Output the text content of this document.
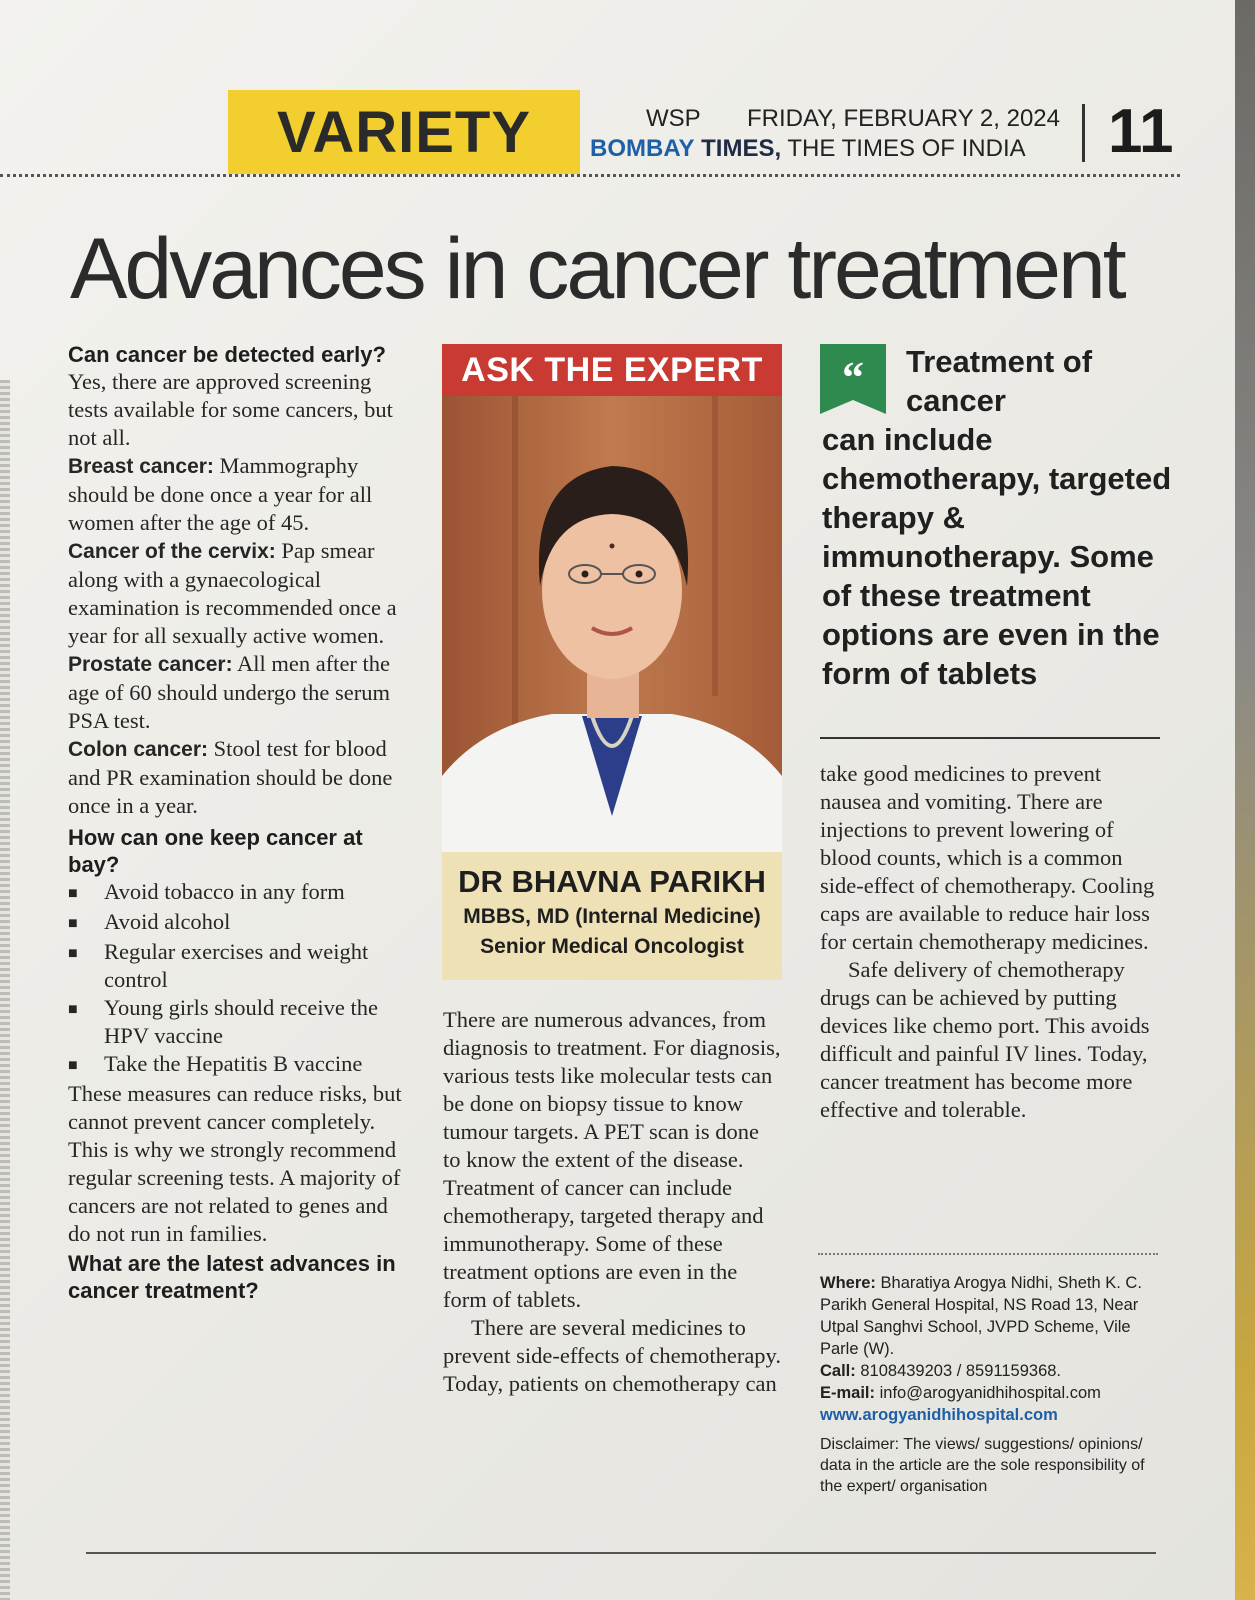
VARIETY	WSP FRIDAY, FEBRUARY 2, 2024
BOMBAY TIMES, THE TIMES OF INDIA	11
Advances in cancer treatment

Can cancer be detected early?

Yes, there are approved screening tests available for some cancers, but not all.

Breast cancer: Mammography should be done once a year for all women after the age of 45.

Cancer of the cervix: Pap smear along with a gynaecological examination is recommended once a year for all sexually active women.

Prostate cancer: All men after the age of 60 should undergo the serum PSA test.

Colon cancer: Stool test for blood and PR examination should be done once in a year.

How can one keep cancer at bay?

■	Avoid tobacco in any form

■	Avoid alcohol

■	Regular exercises and weight control

■	Young girls should receive the HPV vaccine

■	Take the Hepatitis B vaccine

These measures can reduce risks, but cannot prevent cancer completely. This is why we strongly recommend regular screening tests. A majority of cancers are not related to genes and do not run in families.

What are the latest advances in cancer treatment?

ASK THE EXPERT
DR BHAVNA PARIKH
MBBS, MD (Internal Medicine)
Senior Medical Oncologist

There are numerous advances, from diagnosis to treatment. For diagnosis, various tests like molecular tests can be done on biopsy tissue to know tumour targets. A PET scan is done to know the extent of the disease. Treatment of cancer can include chemotherapy, targeted therapy and immunotherapy. Some of these treatment options are even in the form of tablets.

There are several medicines to prevent side-effects of chemotherapy. Today, patients on chemotherapy can

“	Treatment of cancer
can include chemotherapy, targeted therapy & immunotherapy. Some of these treatment options are even in the form of tablets

take good medicines to prevent nausea and vomiting. There are injections to prevent lowering of blood counts, which is a common side-effect of chemotherapy. Cooling caps are available to reduce hair loss for certain chemotherapy medicines.

Safe delivery of chemotherapy drugs can be achieved by putting devices like chemo port. This avoids difficult and painful IV lines. Today, cancer treatment has become more effective and tolerable.

Where: Bharatiya Arogya Nidhi, Sheth K. C. Parikh General Hospital, NS Road 13, Near Utpal Sanghvi School, JVPD Scheme, Vile Parle (W).
Call: 8108439203 / 8591159368.
E-mail: info@arogyanidhihospital.com
www.arogyanidhihospital.com
Disclaimer: The views/ suggestions/ opinions/ data in the article are the sole responsibility of the expert/ organisation
